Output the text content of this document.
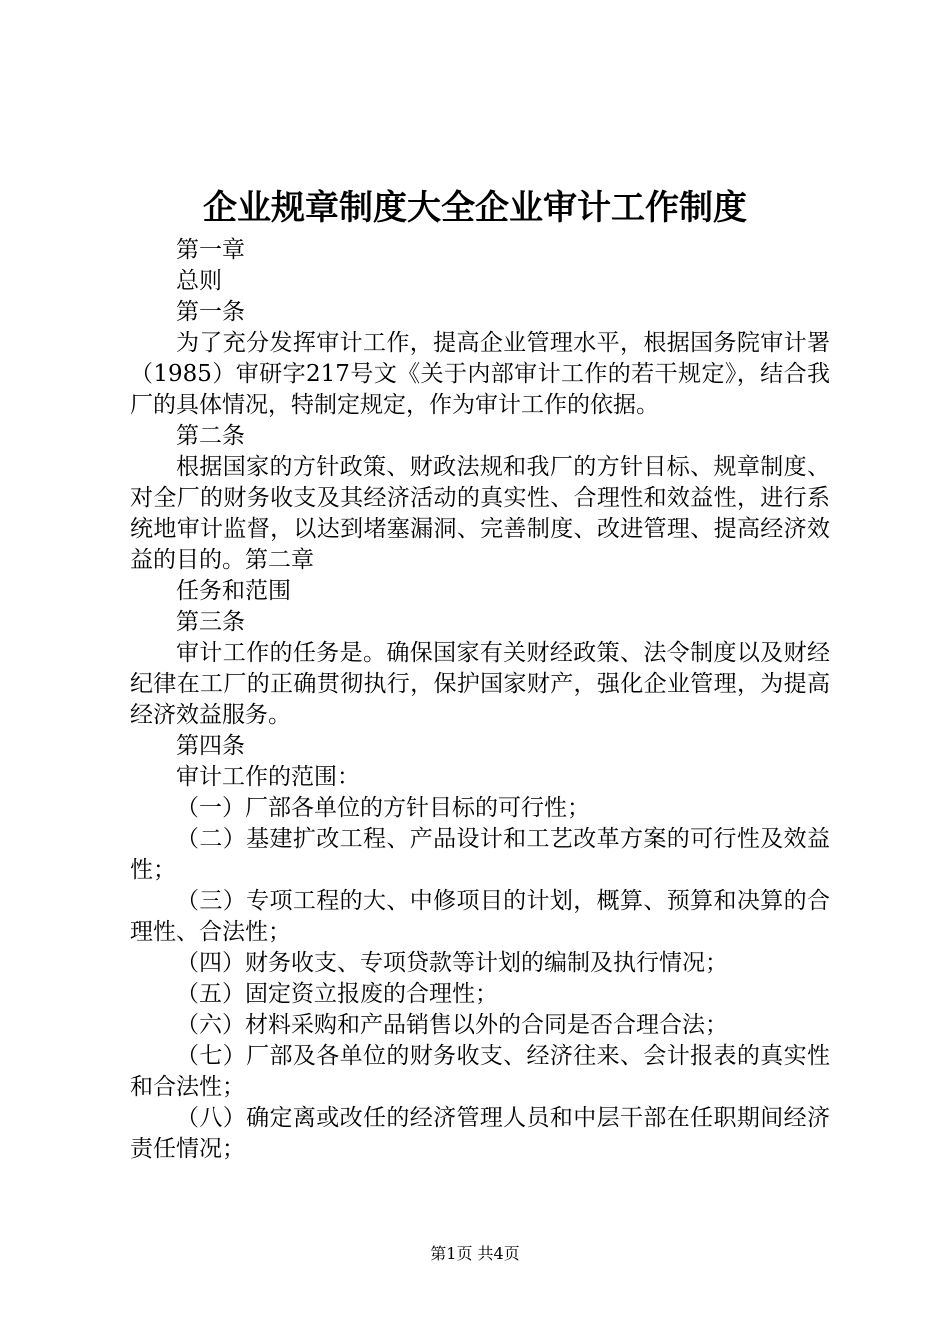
企业规章制度大全企业审计工作制度

第一章

总则

第一条

为了充分发挥审计工作，提高企业管理水平，根据国务院审计署（1985）审研字217号文《关于内部审计工作的若干规定》，结合我厂的具体情况，特制定规定，作为审计工作的依据。

第二条

根据国家的方针政策、财政法规和我厂的方针目标、规章制度、对全厂的财务收支及其经济活动的真实性、合理性和效益性，进行系统地审计监督，以达到堵塞漏洞、完善制度、改进管理、提高经济效益的目的。第二章

任务和范围

第三条

审计工作的任务是。确保国家有关财经政策、法令制度以及财经纪律在工厂的正确贯彻执行，保护国家财产，强化企业管理，为提高经济效益服务。

第四条

审计工作的范围：

（一）厂部各单位的方针目标的可行性；

（二）基建扩改工程、产品设计和工艺改革方案的可行性及效益性；

（三）专项工程的大、中修项目的计划，概算、预算和决算的合理性、合法性；

（四）财务收支、专项贷款等计划的编制及执行情况；

（五）固定资立报废的合理性；

（六）材料采购和产品销售以外的合同是否合理合法；

（七）厂部及各单位的财务收支、经济往来、会计报表的真实性和合法性；

（八）确定离或改任的经济管理人员和中层干部在任职期间经济责任情况；

第1页 共4页
